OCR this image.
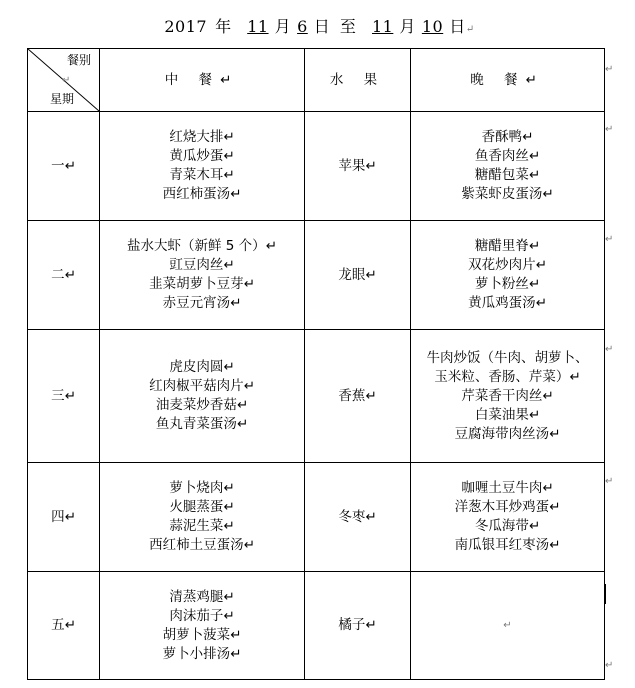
2017 年 11 月 6 日 至 11 月 10 日↵
餐别
↵
星期	中 餐↵	水 果	晚 餐↵
一↵	红烧大排↵
黄瓜炒蛋↵
青菜木耳↵
西红柿蛋汤↵	苹果↵	香酥鸭↵
鱼香肉丝↵
糖醋包菜↵
紫菜虾皮蛋汤↵

二↵	盐水大虾（新鲜 5 个）↵
豇豆肉丝↵
韭菜胡萝卜豆芽↵
赤豆元宵汤↵	龙眼↵	糖醋里脊↵
双花炒肉片↵
萝卜粉丝↵
黄瓜鸡蛋汤↵

三↵	虎皮肉圆↵
红肉椒平菇肉片↵
油麦菜炒香菇↵
鱼丸青菜蛋汤↵	香蕉↵	牛肉炒饭（牛肉、胡萝卜、
玉米粒、香肠、芹菜）↵
芹菜香干肉丝↵
白菜油果↵
豆腐海带肉丝汤↵

四↵	萝卜烧肉↵
火腿蒸蛋↵
蒜泥生菜↵
西红柿土豆蛋汤↵	冬枣↵	咖喱土豆牛肉↵
洋葱木耳炒鸡蛋↵
冬瓜海带↵
南瓜银耳红枣汤↵

五↵	清蒸鸡腿↵
肉沫茄子↵
胡萝卜菠菜↵
萝卜小排汤↵	橘子↵	↵
↵
↵
↵
↵
↵
↵
